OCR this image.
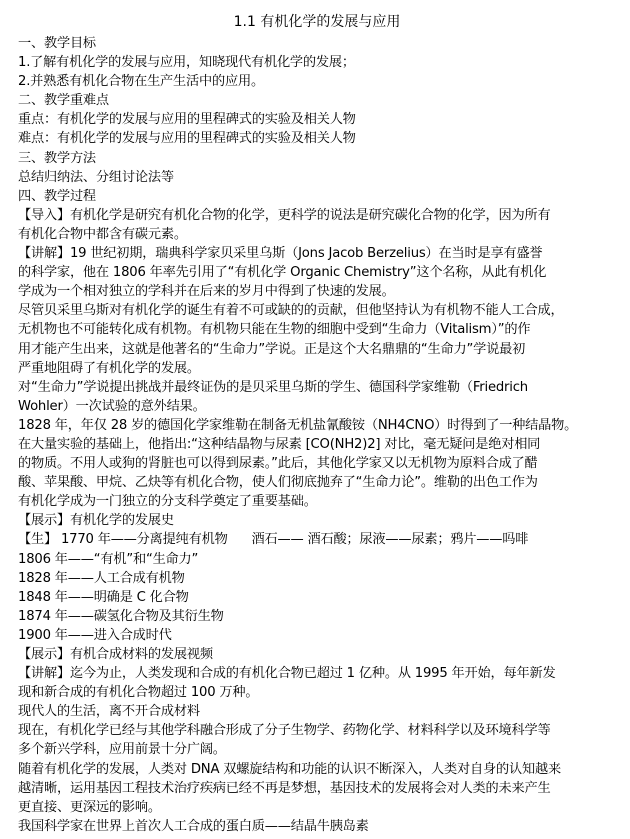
1.1 有机化学的发展与应用
一、教学目标
1.了解有机化学的发展与应用，知晓现代有机化学的发展；
2.并熟悉有机化合物在生产生活中的应用。
二、教学重难点
重点：有机化学的发展与应用的里程碑式的实验及相关人物
难点：有机化学的发展与应用的里程碑式的实验及相关人物
三、教学方法
总结归纳法、分组讨论法等
四、教学过程
【导入】有机化学是研究有机化合物的化学，更科学的说法是研究碳化合物的化学，因为所有
有机化合物中都含有碳元素。
【讲解】19 世纪初期，瑞典科学家贝采里乌斯（Jons Jacob Berzelius）在当时是享有盛誉
的科学家，他在 1806 年率先引用了“有机化学 Organic Chemistry”这个名称，从此有机化
学成为一个相对独立的学科并在后来的岁月中得到了快速的发展。
尽管贝采里乌斯对有机化学的诞生有着不可或缺的的贡献，但他坚持认为有机物不能人工合成，
无机物也不可能转化成有机物。有机物只能在生物的细胞中受到“生命力（Vitalism）”的作
用才能产生出来，这就是他著名的“生命力”学说。正是这个大名鼎鼎的“生命力”学说最初
严重地阻碍了有机化学的发展。
对“生命力”学说提出挑战并最终证伪的是贝采里乌斯的学生、德国科学家维勒（Friedrich
Wohler）一次试验的意外结果。
1828 年，年仅 28 岁的德国化学家维勒在制备无机盐氰酸铵（NH4CNO）时得到了一种结晶物。
在大量实验的基础上，他指出:“这种结晶物与尿素 [CO(NH2)2] 对比，毫无疑问是绝对相同
的物质。不用人或狗的肾脏也可以得到尿素。”此后，其他化学家又以无机物为原料合成了醋
酸、苹果酸、甲烷、乙炔等有机化合物，使人们彻底抛弃了“生命力论”。维勒的出色工作为
有机化学成为一门独立的分支科学奠定了重要基础。
【展示】有机化学的发展史
【生】 1770 年——分离提纯有机物      酒石—— 酒石酸；尿液——尿素；鸦片——吗啡
1806 年——“有机”和“生命力”
1828 年——人工合成有机物
1848 年——明确是 C 化合物
1874 年——碳氢化合物及其衍生物
1900 年——进入合成时代
【展示】有机合成材料的发展视频
【讲解】迄今为止，人类发现和合成的有机化合物已超过 1 亿种。从 1995 年开始，每年新发
现和新合成的有机化合物超过 100 万种。
现代人的生活，离不开合成材料
现在，有机化学已经与其他学科融合形成了分子生物学、药物化学、材料科学以及环境科学等
多个新兴学科，应用前景十分广阔。
随着有机化学的发展，人类对 DNA 双螺旋结构和功能的认识不断深入，人类对自身的认知越来
越清晰，运用基因工程技术治疗疾病已经不再是梦想，基因技术的发展将会对人类的未来产生
更直接、更深远的影响。
我国科学家在世界上首次人工合成的蛋白质——结晶牛胰岛素
